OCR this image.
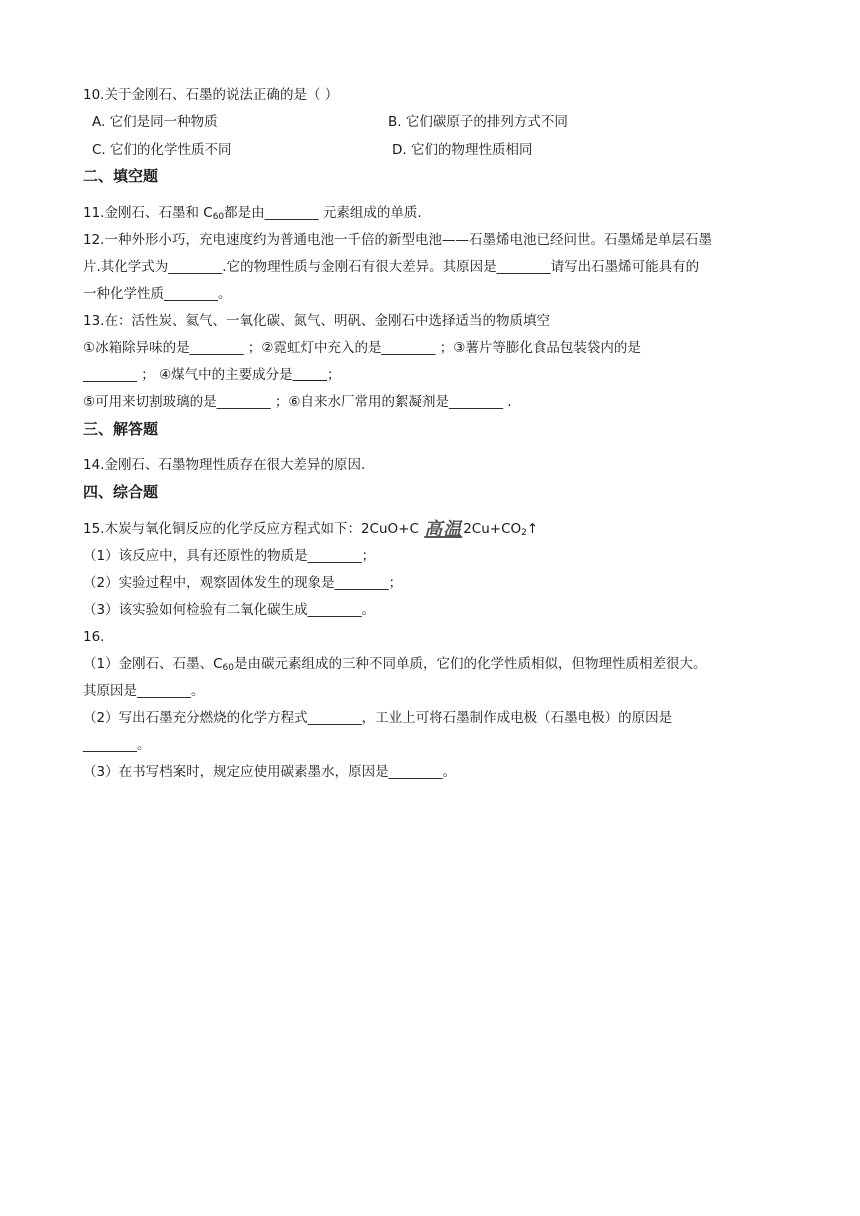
10.关于金刚石、石墨的说法正确的是（ ）
A. 它们是同一种物质	B. 它们碳原子的排列方式不同
C. 它们的化学性质不同	D. 它们的物理性质相同
二、填空题
11.金刚石、石墨和 $C_{60}$都是由________ 元素组成的单质.
12.一种外形小巧，充电速度约为普通电池一千倍的新型电池——石墨烯电池已经问世。石墨烯是单层石墨
片.其化学式为________.它的物理性质与金刚石有很大差异。其原因是________请写出石墨烯可能具有的
一种化学性质________。
13.在：活性炭、氦气、一氧化碳、氮气、明矾、金刚石中选择适当的物质填空
①冰箱除异味的是________ ；②霓虹灯中充入的是________ ；③薯片等膨化食品包装袋内的是
________ ； ④煤气中的主要成分是	；
⑤可用来切割玻璃的是________ ；⑥自来水厂常用的絮凝剂是________ .
三、解答题
14.金刚石、石墨物理性质存在很大差异的原因.
四、综合题
15.木炭与氧化铜反应的化学反应方程式如下：2CuO+C 高温$2Cu+CO_2↑$
（1）该反应中，具有还原性的物质是________；
（2）实验过程中，观察固体发生的现象是________；
（3）该实验如何检验有二氧化碳生成________。
16.
（1）金刚石、石墨、$C_{60}$是由碳元素组成的三种不同单质，它们的化学性质相似，但物理性质相差很大。
其原因是________。
（2）写出石墨充分燃烧的化学方程式________，工业上可将石墨制作成电极（石墨电极）的原因是
________。
（3）在书写档案时，规定应使用碳素墨水，原因是________。
